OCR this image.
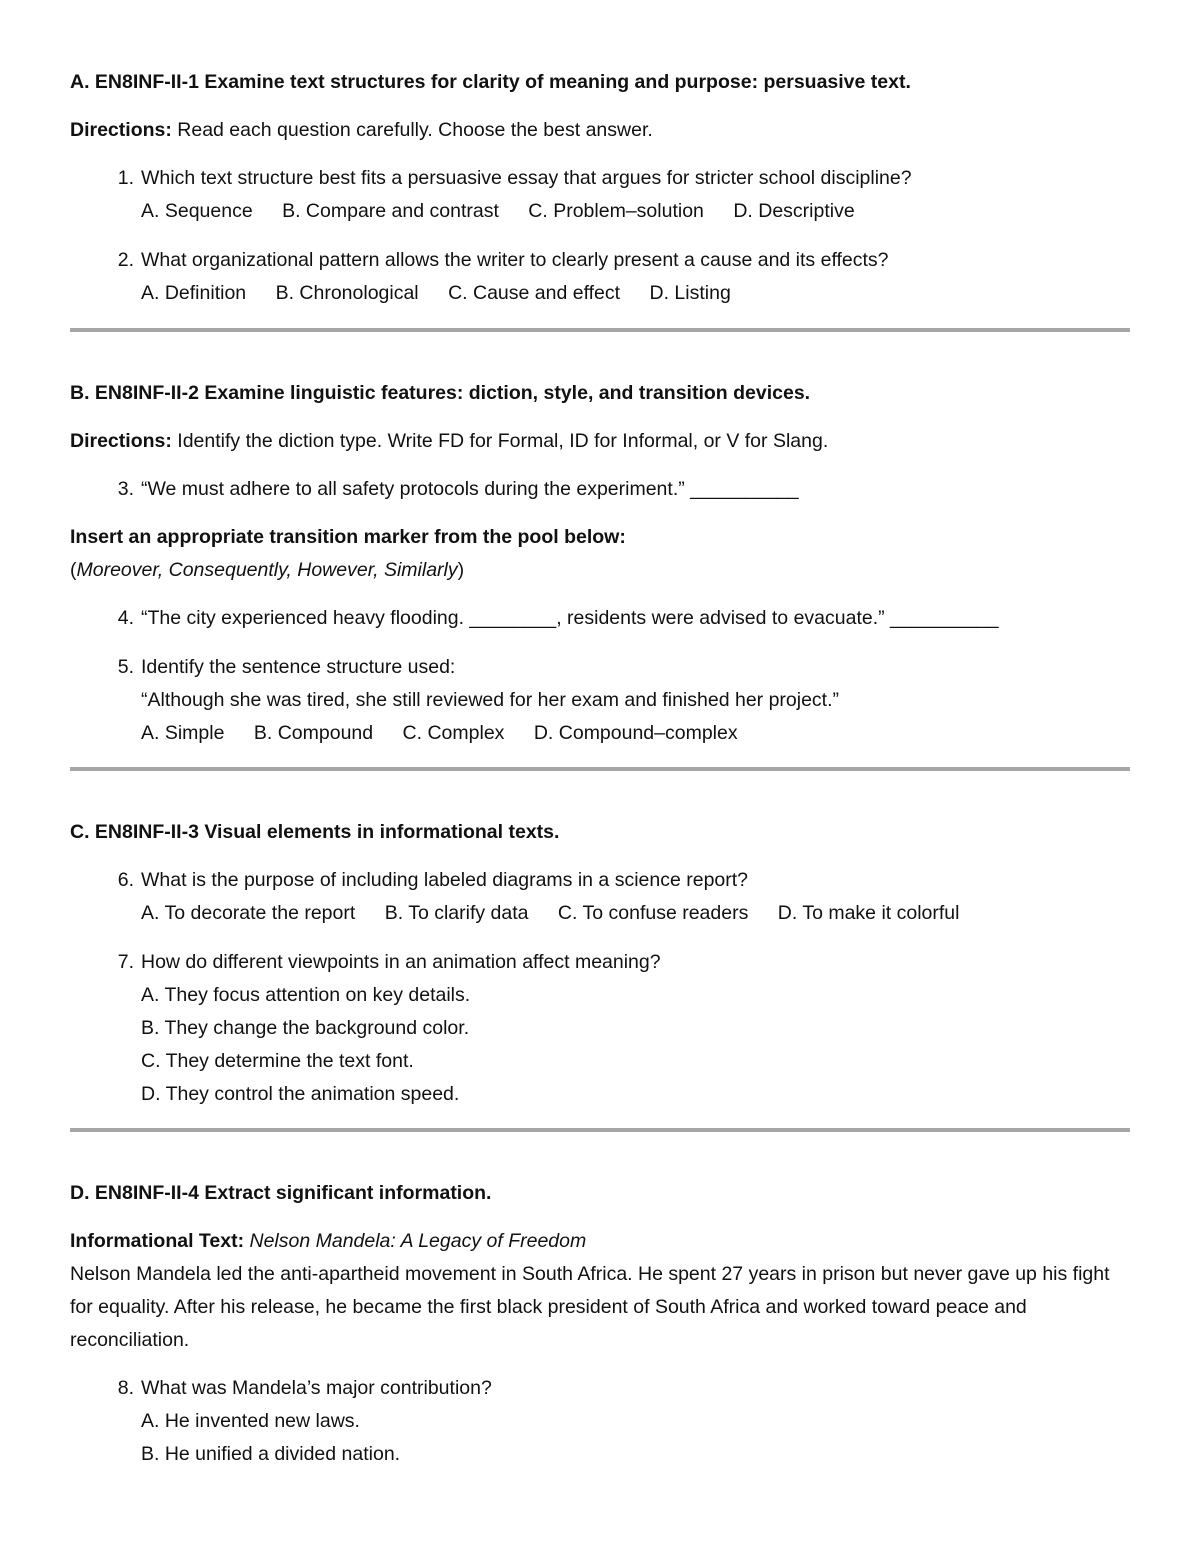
A. EN8INF-II-1 Examine text structures for clarity of meaning and purpose: persuasive text.

Directions: Read each question carefully. Choose the best answer.

1. Which text structure best fits a persuasive essay that argues for stricter school discipline?
A. Sequence B. Compare and contrast C. Problem–solution D. Descriptive
2. What organizational pattern allows the writer to clearly present a cause and its effects?
A. Definition B. Chronological C. Cause and effect D. Listing

B. EN8INF-II-2 Examine linguistic features: diction, style, and transition devices.

Directions: Identify the diction type. Write FD for Formal, ID for Informal, or V for Slang.

3. “We must adhere to all safety protocols during the experiment.” __________

Insert an appropriate transition marker from the pool below:

(Moreover, Consequently, However, Similarly)

4. “The city experienced heavy flooding. ________, residents were advised to evacuate.” __________
5. Identify the sentence structure used:
“Although she was tired, she still reviewed for her exam and finished her project.”
A. Simple B. Compound C. Complex D. Compound–complex

C. EN8INF-II-3 Visual elements in informational texts.

6. What is the purpose of including labeled diagrams in a science report?
A. To decorate the report B. To clarify data C. To confuse readers D. To make it colorful
7. How do different viewpoints in an animation affect meaning?
A. They focus attention on key details.
B. They change the background color.
C. They determine the text font.
D. They control the animation speed.

D. EN8INF-II-4 Extract significant information.

Informational Text: Nelson Mandela: A Legacy of Freedom

Nelson Mandela led the anti-apartheid movement in South Africa. He spent 27 years in prison but never gave up his fight for equality. After his release, he became the first black president of South Africa and worked toward peace and reconciliation.

8. What was Mandela’s major contribution?
A. He invented new laws.
B. He unified a divided nation.
